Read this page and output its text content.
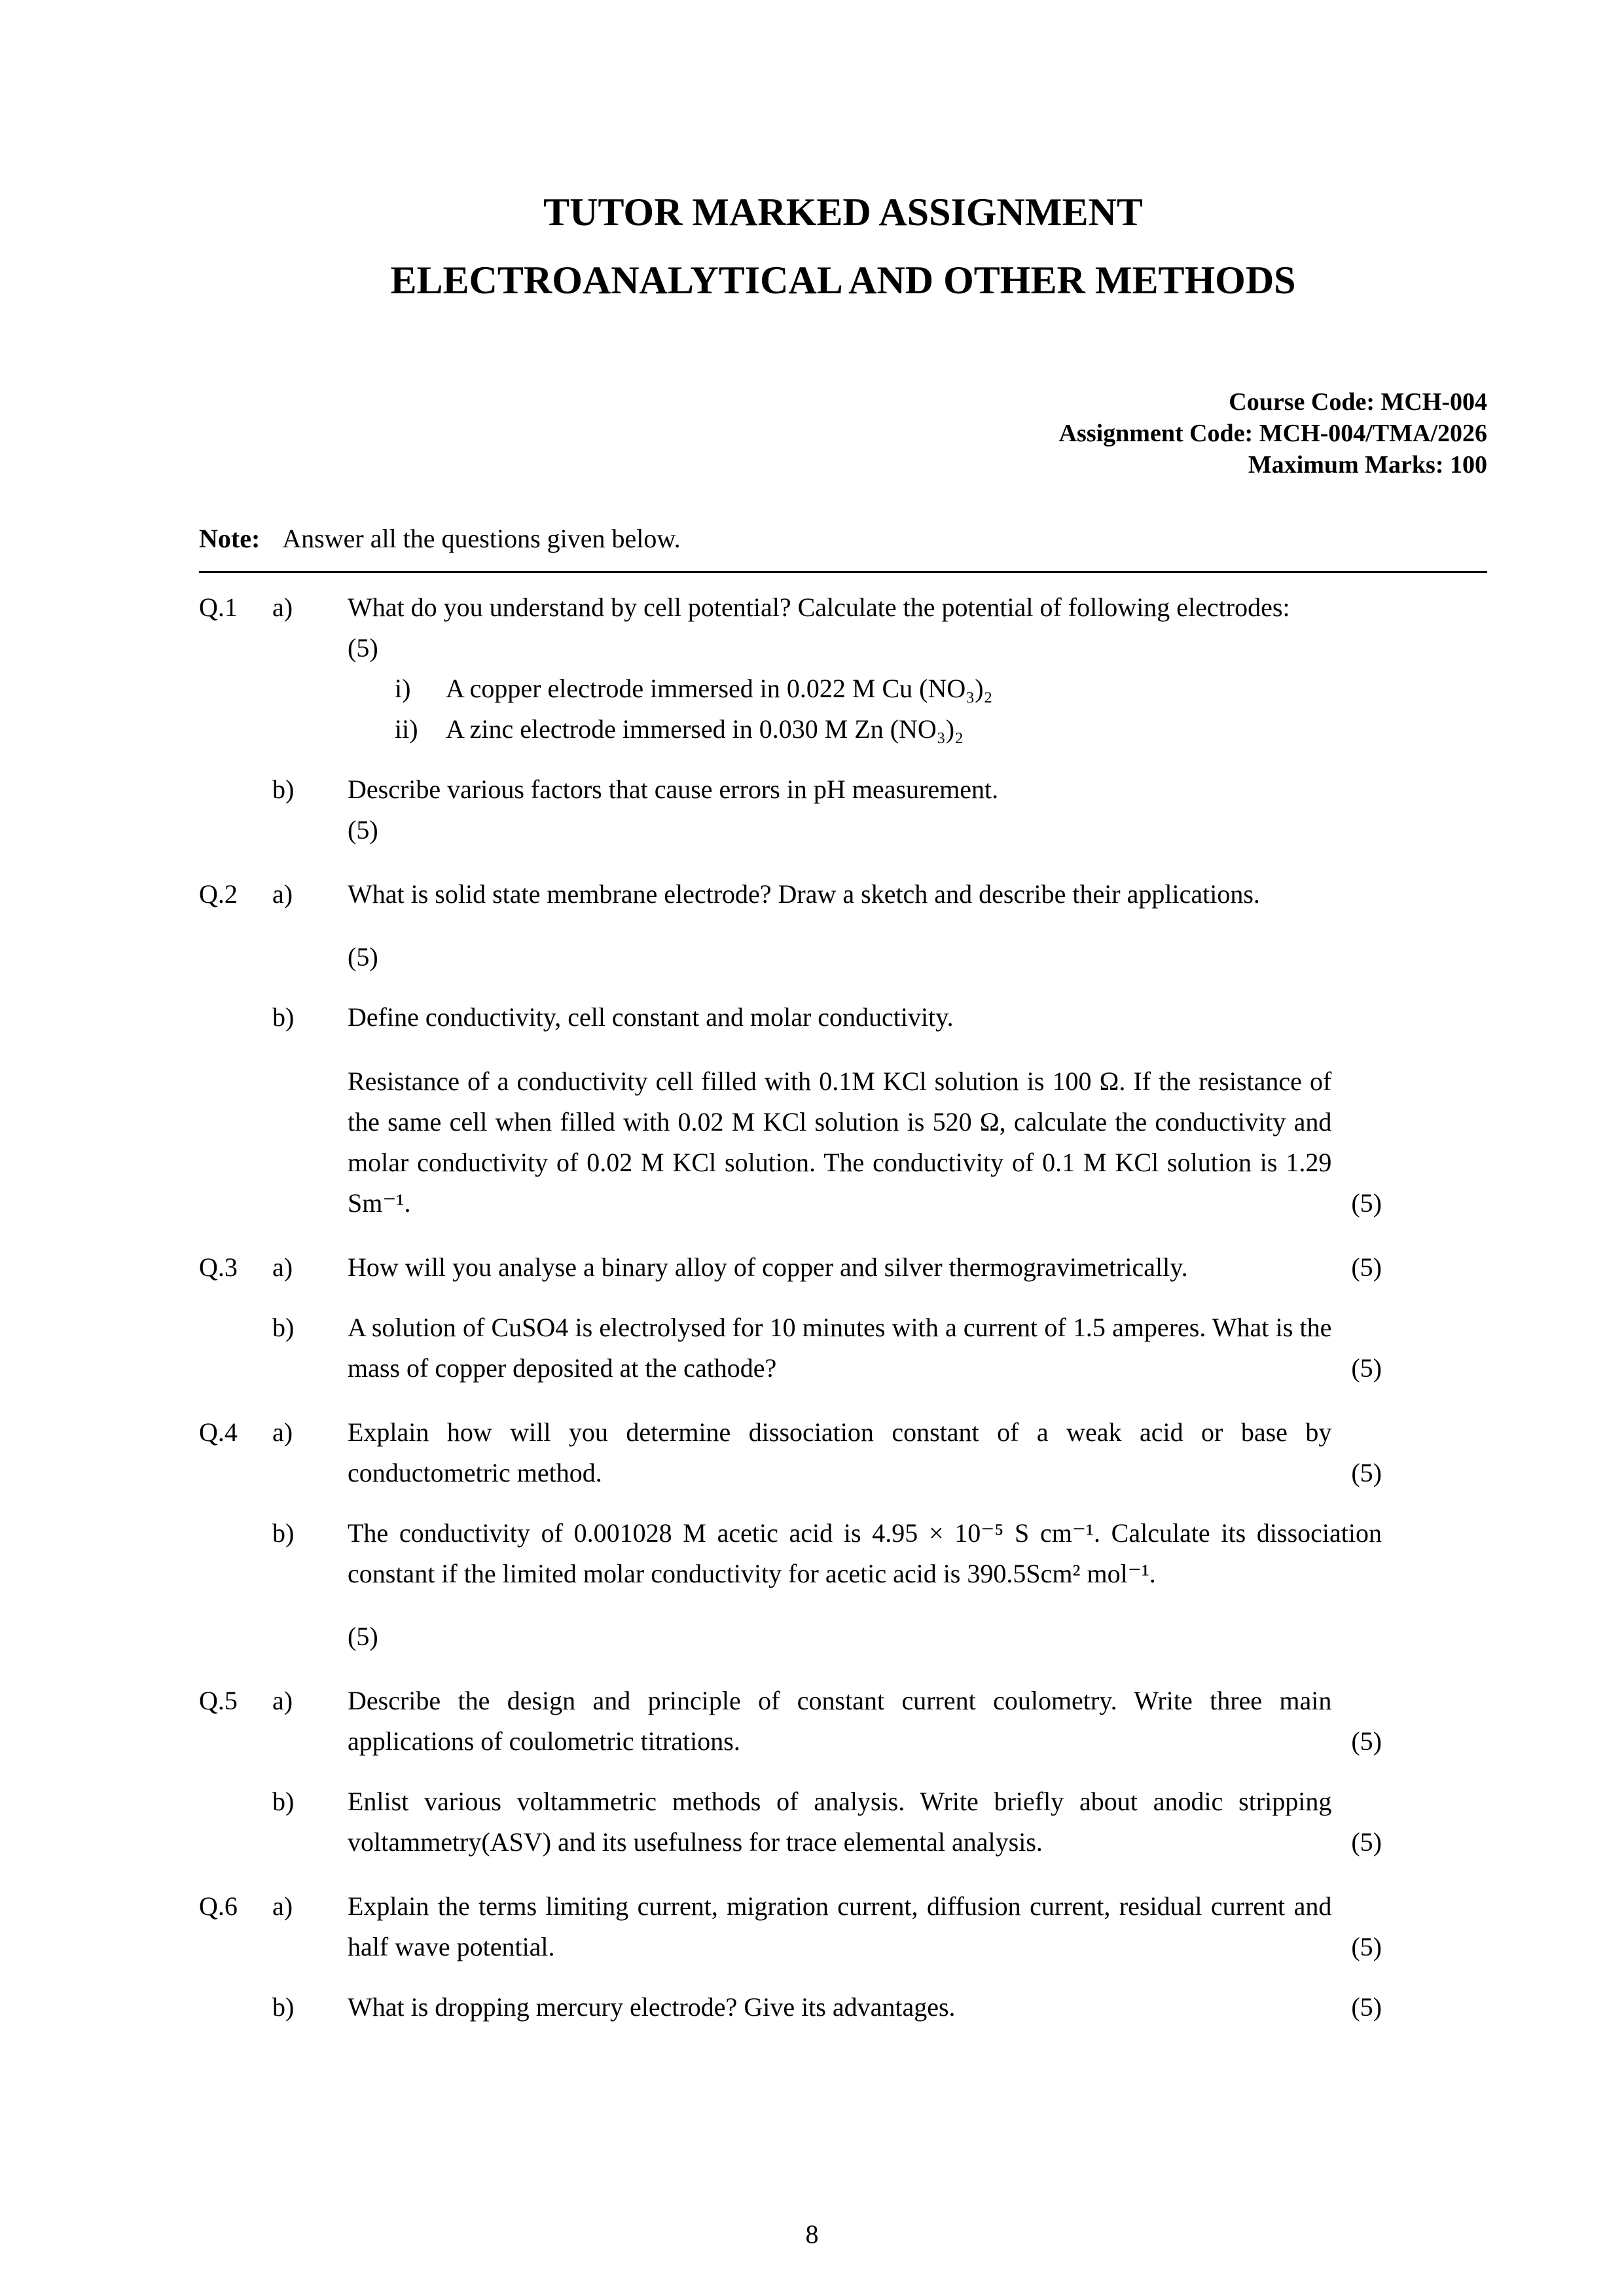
TUTOR MARKED ASSIGNMENT
ELECTROANALYTICAL AND OTHER METHODS
Course Code: MCH-004
Assignment Code: MCH-004/TMA/2026
Maximum Marks: 100
Note: Answer all the questions given below.
Q.1	a)	What do you understand by cell potential? Calculate the potential of following electrodes:

(5)

i)	A copper electrode immersed in 0.022 M Cu (NO₃)₂
ii)	A zinc electrode immersed in 0.030 M Zn (NO₃)₂
b)	Describe various factors that cause errors in pH measurement.

(5)

Q.2	a)	What is solid state membrane electrode? Draw a sketch and describe their applications.

(5)

b)	Define conductivity, cell constant and molar conductivity.

Resistance of a conductivity cell filled with 0.1M KCl solution is 100 Ω. If the resistance of the same cell when filled with 0.02 M KCl solution is 520 Ω, calculate the conductivity and molar conductivity of 0.02 M KCl solution. The conductivity of 0.1 M KCl solution is 1.29 Sm⁻¹.	(5)
Q.3	a)	How will you analyse a binary alloy of copper and silver thermogravimetrically.	(5)
b)	A solution of CuSO4 is electrolysed for 10 minutes with a current of 1.5 amperes. What is the mass of copper deposited at the cathode?	(5)
Q.4	a)	Explain how will you determine dissociation constant of a weak acid or base by conductometric method.	(5)
b)	The conductivity of 0.001028 M acetic acid is 4.95 × 10⁻⁵ S cm⁻¹. Calculate its dissociation constant if the limited molar conductivity for acetic acid is 390.5Scm² mol⁻¹.

(5)

Q.5	a)	Describe the design and principle of constant current coulometry. Write three main applications of coulometric titrations.	(5)
b)	Enlist various voltammetric methods of analysis. Write briefly about anodic stripping voltammetry(ASV) and its usefulness for trace elemental analysis.	(5)
Q.6	a)	Explain the terms limiting current, migration current, diffusion current, residual current and half wave potential.	(5)
b)	What is dropping mercury electrode? Give its advantages.	(5)
8
